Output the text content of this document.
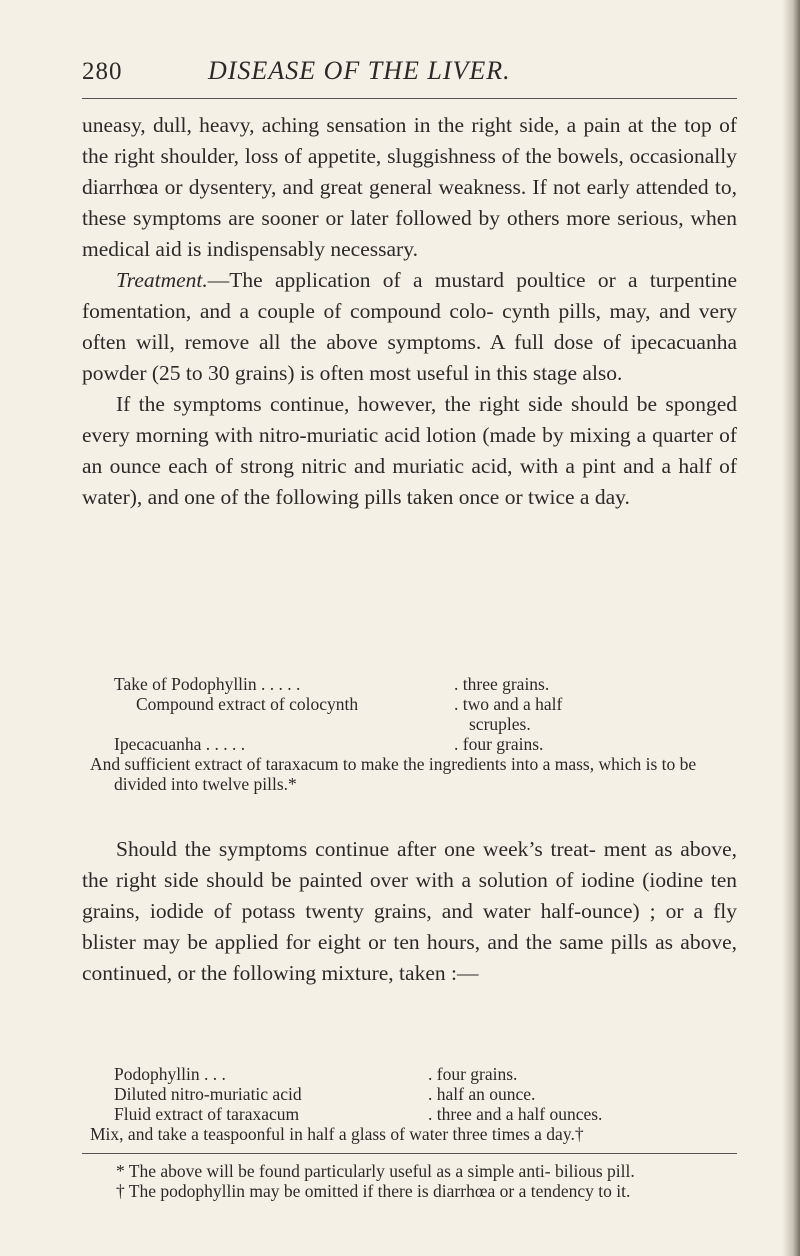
280	DISEASE OF THE LIVER.

uneasy, dull, heavy, aching sensation in the right side, a pain at the top of the right shoulder, loss of appetite, sluggishness of the bowels, occasionally diarrhœa or dysentery, and great general weakness. If not early attended to, these symptoms are sooner or later followed by others more serious, when medical aid is indispensably necessary.

Treatment.—The application of a mustard poultice or a turpentine fomentation, and a couple of compound colo- cynth pills, may, and very often will, remove all the above symptoms. A full dose of ipecacuanha powder (25 to 30 grains) is often most useful in this stage also.

If the symptoms continue, however, the right side should be sponged every morning with nitro-muriatic acid lotion (made by mixing a quarter of an ounce each of strong nitric and muriatic acid, with a pint and a half of water), and one of the following pills taken once or twice a day.

Take of Podophyllin . . . . .	. three grains.
Compound extract of colocynth	. two and a half
scruples.
Ipecacuanha . . . . .	. four grains.
And sufficient extract of taraxacum to make the ingredients into a mass, which is to be divided into twelve pills.*

Should the symptoms continue after one week’s treat- ment as above, the right side should be painted over with a solution of iodine (iodine ten grains, iodide of potass twenty grains, and water half-ounce) ; or a fly blister may be applied for eight or ten hours, and the same pills as above, continued, or the following mixture, taken :—

Podophyllin . . .	. four grains.
Diluted nitro-muriatic acid	. half an ounce.
Fluid extract of taraxacum	. three and a half ounces.
Mix, and take a teaspoonful in half a glass of water three times a day.†

* The above will be found particularly useful as a simple anti- bilious pill.

† The podophyllin may be omitted if there is diarrhœa or a tendency to it.
